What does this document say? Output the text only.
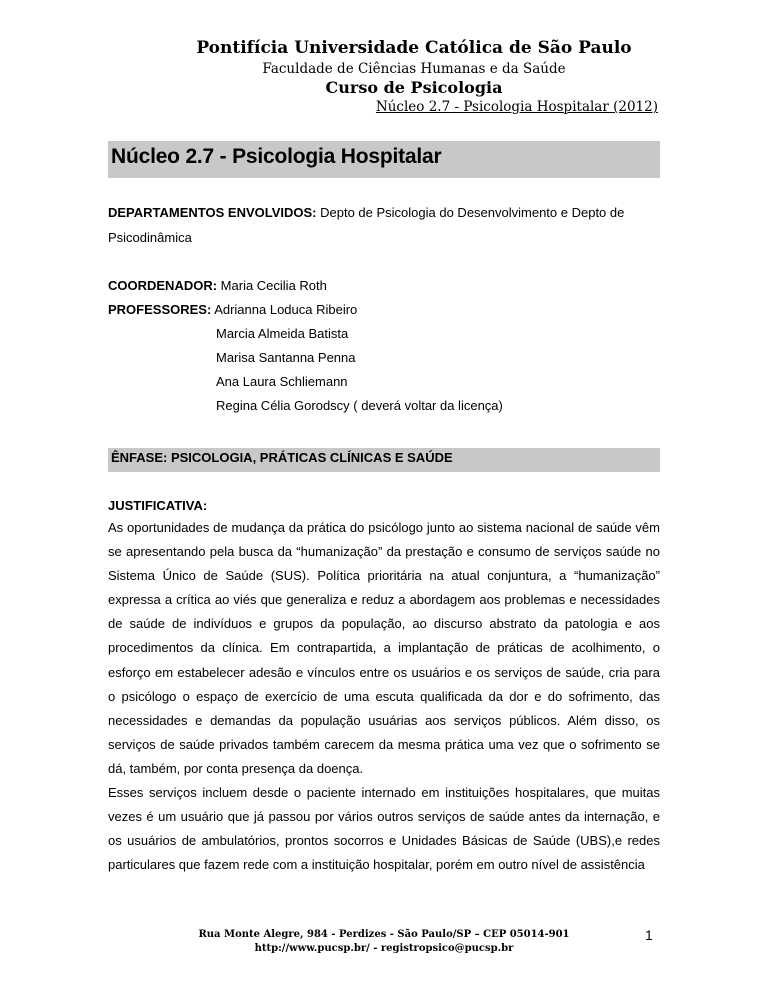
Pontifícia Universidade Católica de São Paulo
Faculdade de Ciências Humanas e da Saúde
Curso de Psicologia
Núcleo 2.7 - Psicologia Hospitalar (2012)
Núcleo 2.7 - Psicologia Hospitalar
DEPARTAMENTOS ENVOLVIDOS: Depto de Psicologia do Desenvolvimento e Depto de
Psicodinâmica
COORDENADOR: Maria Cecilia Roth
PROFESSORES: Adrianna Loduca Ribeiro
Marcia Almeida Batista
Marisa Santanna Penna
Ana Laura Schliemann
Regina Célia Gorodscy ( deverá voltar da licença)
ÊNFASE: PSICOLOGIA, PRÁTICAS CLÍNICAS E SAÚDE
JUSTIFICATIVA:

As oportunidades de mudança da prática do psicólogo junto ao sistema nacional de saúde vêm se apresentando pela busca da “humanização” da prestação e consumo de serviços saúde no Sistema Único de Saúde (SUS). Política prioritária na atual conjuntura, a “humanização” expressa a crítica ao viés que generaliza e reduz a abordagem aos problemas e necessidades de saúde de indivíduos e grupos da população, ao discurso abstrato da patologia e aos procedimentos da clínica. Em contrapartida, a implantação de práticas de acolhimento, o esforço em estabelecer adesão e vínculos entre os usuários e os serviços de saúde, cria para o psicólogo o espaço de exercício de uma escuta qualificada da dor e do sofrimento, das necessidades e demandas da população usuárias aos serviços públicos. Além disso, os serviços de saúde privados também carecem da mesma prática uma vez que o sofrimento se dá, também, por conta presença da doença.

Esses serviços incluem desde o paciente internado em instituições hospitalares, que muitas vezes é um usuário que já passou por vários outros serviços de saúde antes da internação, e os usuários de ambulatórios, prontos socorros e Unidades Básicas de Saúde (UBS),e redes particulares que fazem rede com a instituição hospitalar, porém em outro nível de assistência

Rua Monte Alegre, 984 - Perdizes - São Paulo/SP – CEP 05014-901
http://www.pucsp.br/ - registropsico@pucsp.br
1
